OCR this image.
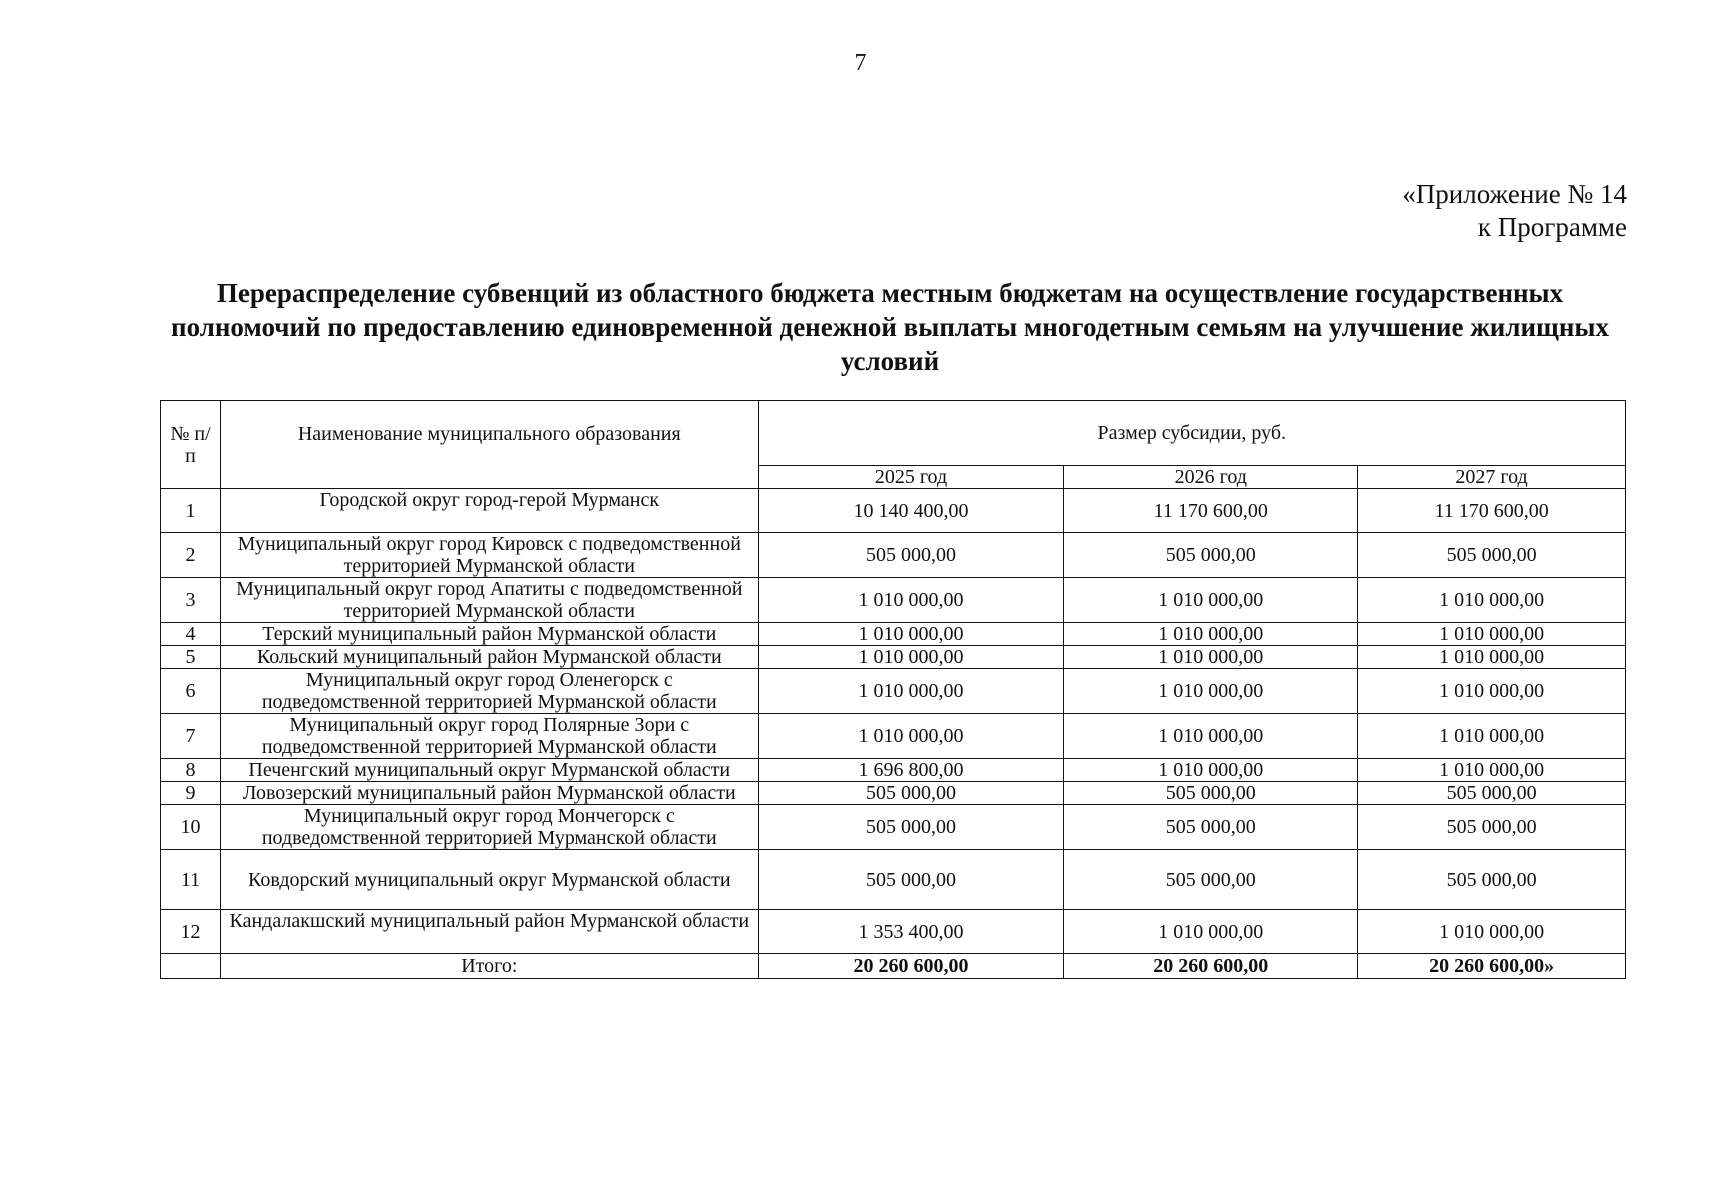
7
«Приложение № 14
к Программе
Перераспределение субвенций из областного бюджета местным бюджетам на осуществление государственных полномочий по предоставлению единовременной денежной выплаты многодетным семьям на улучшение жилищных условий
№ п/п	Наименование муниципального образования	Размер субсидии, руб.		
		2025 год	2026 год	2027 год
1	Городской округ город-герой Мурманск	10 140 400,00	11 170 600,00	11 170 600,00
2	Муниципальный округ город Кировск с подведомственной территорией Мурманской области	505 000,00	505 000,00	505 000,00
3	Муниципальный округ город Апатиты с подведомственной территорией Мурманской области	1 010 000,00	1 010 000,00	1 010 000,00
4	Терский муниципальный район Мурманской области	1 010 000,00	1 010 000,00	1 010 000,00
5	Кольский муниципальный район Мурманской области	1 010 000,00	1 010 000,00	1 010 000,00
6	Муниципальный округ город Оленегорск с подведомственной территорией Мурманской области	1 010 000,00	1 010 000,00	1 010 000,00
7	Муниципальный округ город Полярные Зори с подведомственной территорией Мурманской области	1 010 000,00	1 010 000,00	1 010 000,00
8	Печенгский муниципальный округ Мурманской области	1 696 800,00	1 010 000,00	1 010 000,00
9	Ловозерский муниципальный район Мурманской области	505 000,00	505 000,00	505 000,00
10	Муниципальный округ город Мончегорск с подведомственной территорией Мурманской области	505 000,00	505 000,00	505 000,00
11	Ковдорский муниципальный округ Мурманской области	505 000,00	505 000,00	505 000,00
12	Кандалакшский муниципальный район Мурманской области	1 353 400,00	1 010 000,00	1 010 000,00
	Итого:	20 260 600,00	20 260 600,00	20 260 600,00»
